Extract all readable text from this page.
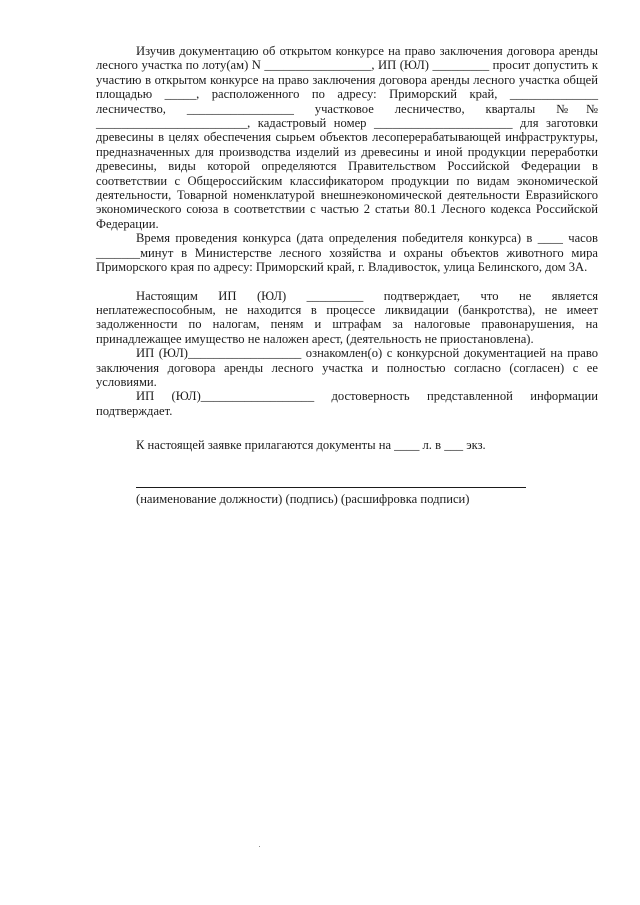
Изучив документацию об открытом конкурсе на право заключения договора аренды лесного участка по лоту(ам) N _________________, ИП (ЮЛ) _________ просит допустить к участию в открытом конкурсе на право заключения договора аренды лесного участка общей площадью _____, расположенного по адресу: Приморский край, ______________ лесничество, _________________ участковое лесничество, кварталы №№ ________________________, кадастровый номер ______________________ для заготовки древесины в целях обеспечения сырьем объектов лесоперерабатывающей инфраструктуры, предназначенных для производства изделий из древесины и иной продукции переработки древесины, виды которой определяются Правительством Российской Федерации в соответствии с Общероссийским классификатором продукции по видам экономической деятельности, Товарной номенклатурой внешнеэкономической деятельности Евразийского экономического союза в соответствии с частью 2 статьи 80.1 Лесного кодекса Российской Федерации.

Время проведения конкурса (дата определения победителя конкурса) в ____ часов _______минут в Министерстве лесного хозяйства и охраны объектов животного мира Приморского края по адресу: Приморский край, г. Владивосток, улица Белинского, дом 3А.

Настоящим ИП (ЮЛ) _________ подтверждает, что не является неплатежеспособным, не находится в процессе ликвидации (банкротства), не имеет задолженности по налогам, пеням и штрафам за налоговые правонарушения, на принадлежащее имущество не наложен арест, (деятельность не приостановлена).

ИП (ЮЛ)__________________ ознакомлен(о) с конкурсной документацией на право заключения договора аренды лесного участка и полностью согласно (согласен) с ее условиями.

ИП (ЮЛ)__________________ достоверность представленной информации подтверждает.

К настоящей заявке прилагаются документы на ____ л. в ___ экз.

(наименование должности) (подпись) (расшифровка подписи)
